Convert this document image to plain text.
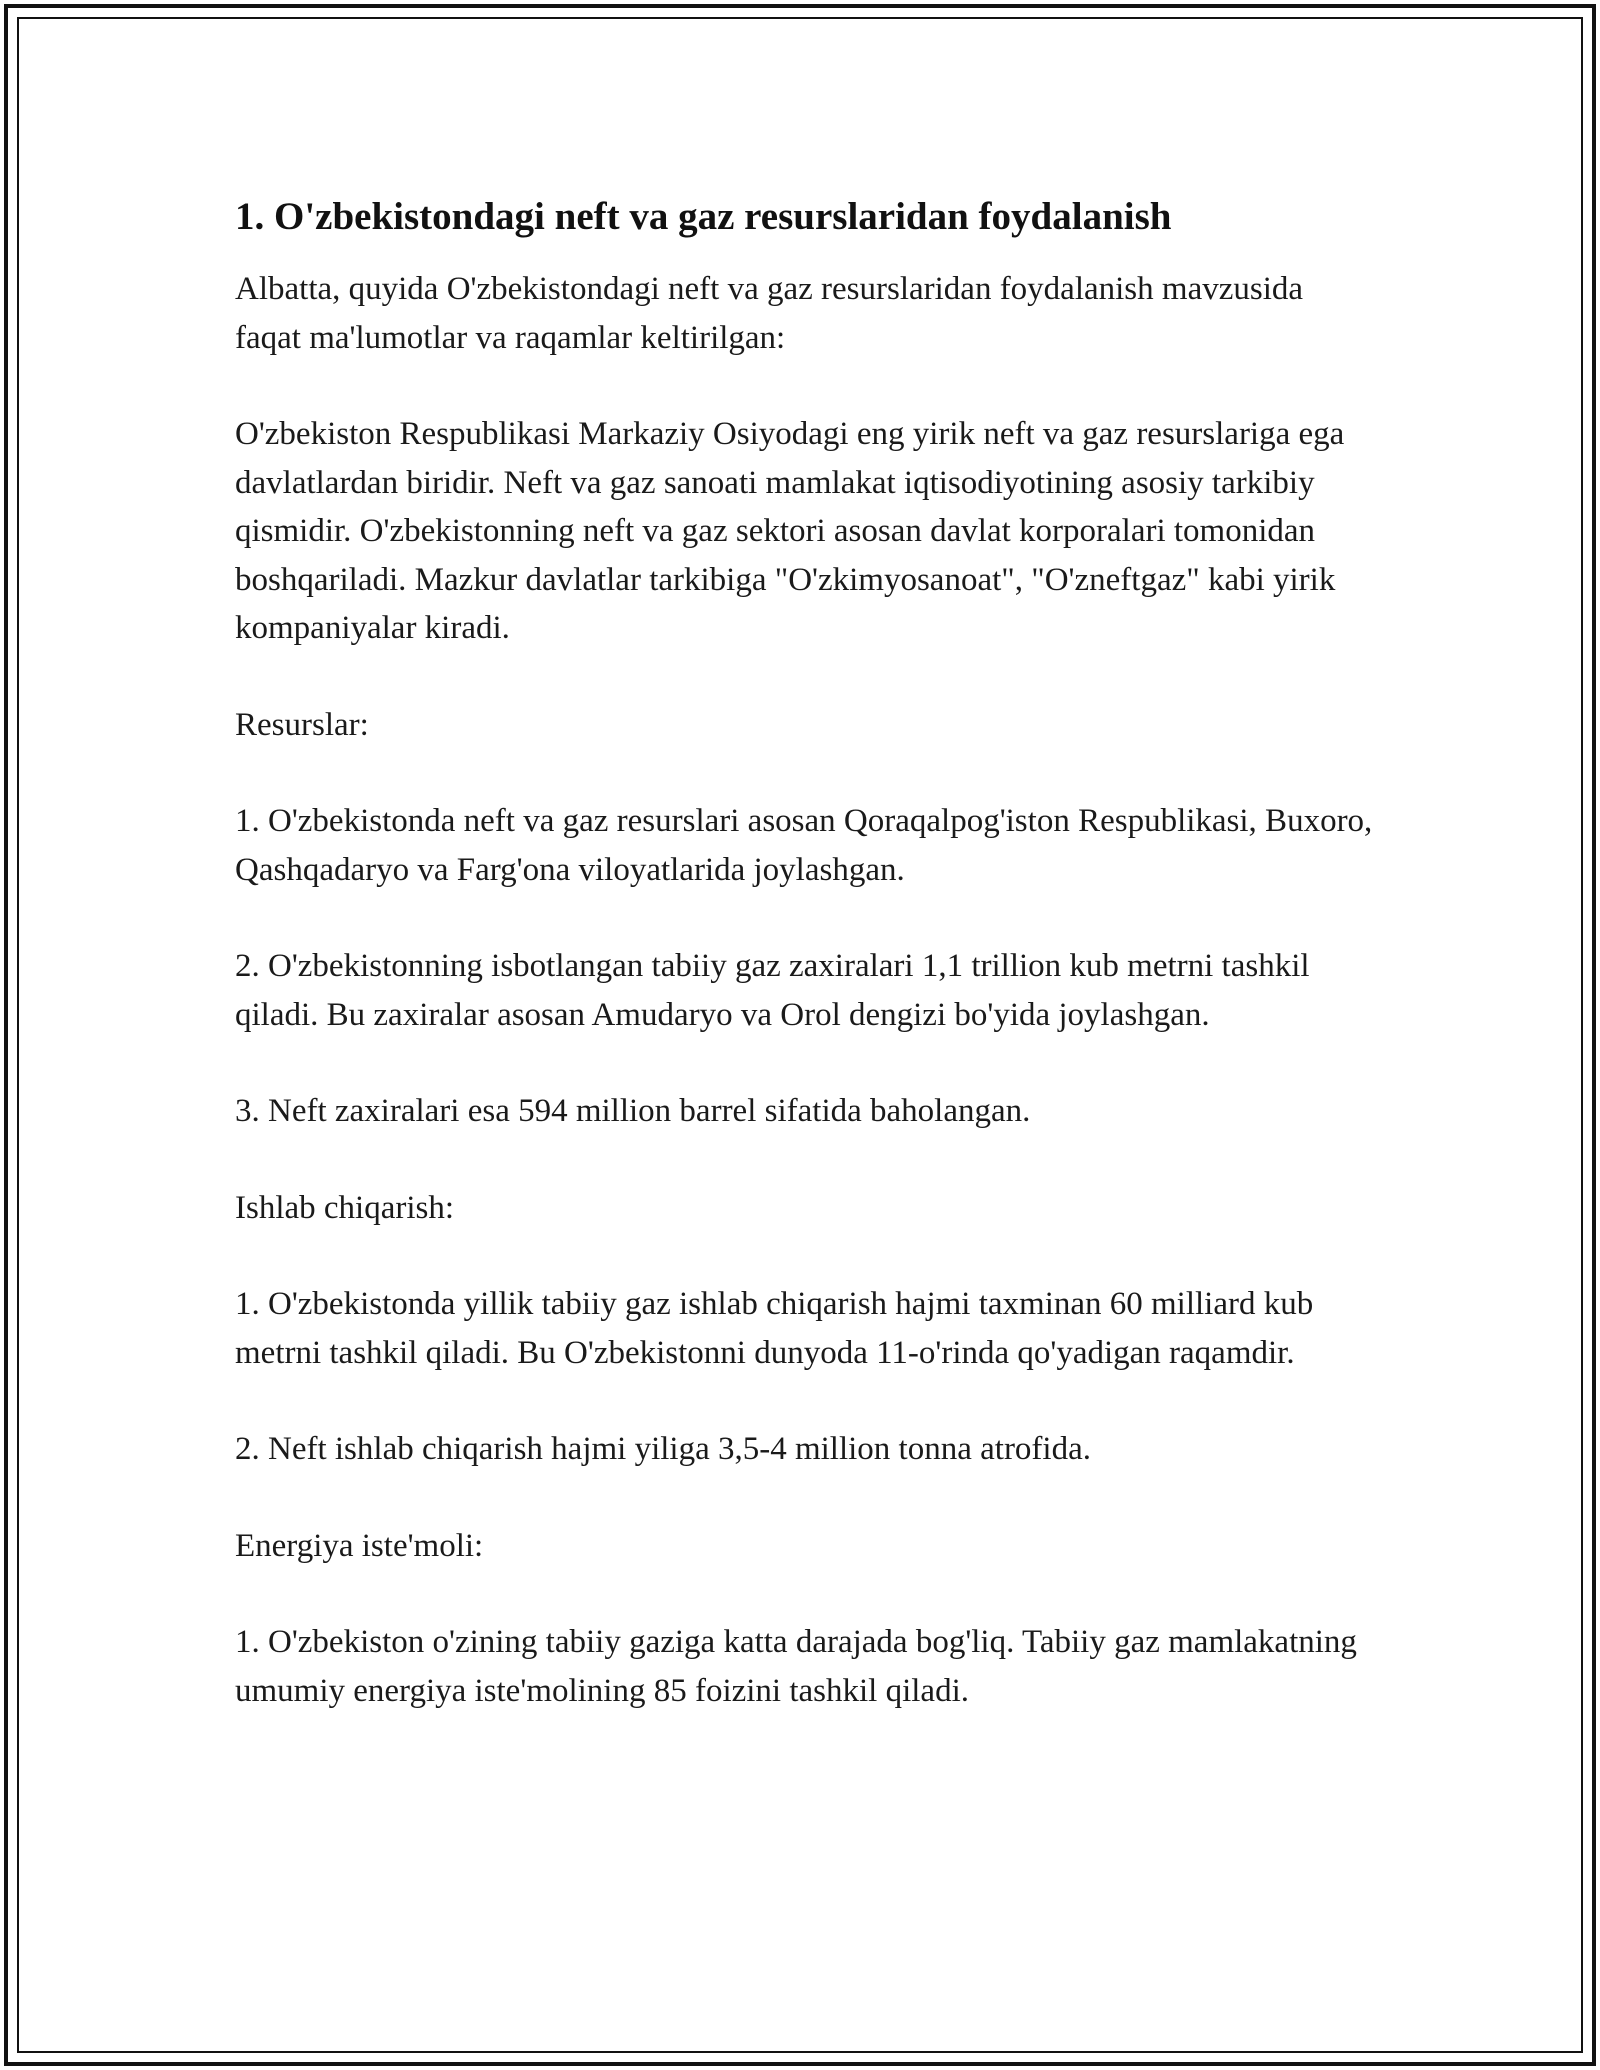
1. O'zbekistondagi neft va gaz resurslaridan foydalanish

Albatta, quyida O'zbekistondagi neft va gaz resurslaridan foydalanish mavzusida faqat ma'lumotlar va raqamlar keltirilgan:

O'zbekiston Respublikasi Markaziy Osiyodagi eng yirik neft va gaz resurslariga ega davlatlardan biridir. Neft va gaz sanoati mamlakat iqtisodiyotining asosiy tarkibiy qismidir. O'zbekistonning neft va gaz sektori asosan davlat korporalari tomonidan boshqariladi. Mazkur davlatlar tarkibiga "O'zkimyosanoat", "O'zneftgaz" kabi yirik kompaniyalar kiradi.

Resurslar:

1. O'zbekistonda neft va gaz resurslari asosan Qoraqalpog'iston Respublikasi, Buxoro, Qashqadaryo va Farg'ona viloyatlarida joylashgan.

2. O'zbekistonning isbotlangan tabiiy gaz zaxiralari 1,1 trillion kub metrni tashkil qiladi. Bu zaxiralar asosan Amudaryo va Orol dengizi bo'yida joylashgan.

3. Neft zaxiralari esa 594 million barrel sifatida baholangan.

Ishlab chiqarish:

1. O'zbekistonda yillik tabiiy gaz ishlab chiqarish hajmi taxminan 60 milliard kub metrni tashkil qiladi. Bu O'zbekistonni dunyoda 11-o'rinda qo'yadigan raqamdir.

2. Neft ishlab chiqarish hajmi yiliga 3,5-4 million tonna atrofida.

Energiya iste'moli:

1. O'zbekiston o'zining tabiiy gaziga katta darajada bog'liq. Tabiiy gaz mamlakatning umumiy energiya iste'molining 85 foizini tashkil qiladi.
